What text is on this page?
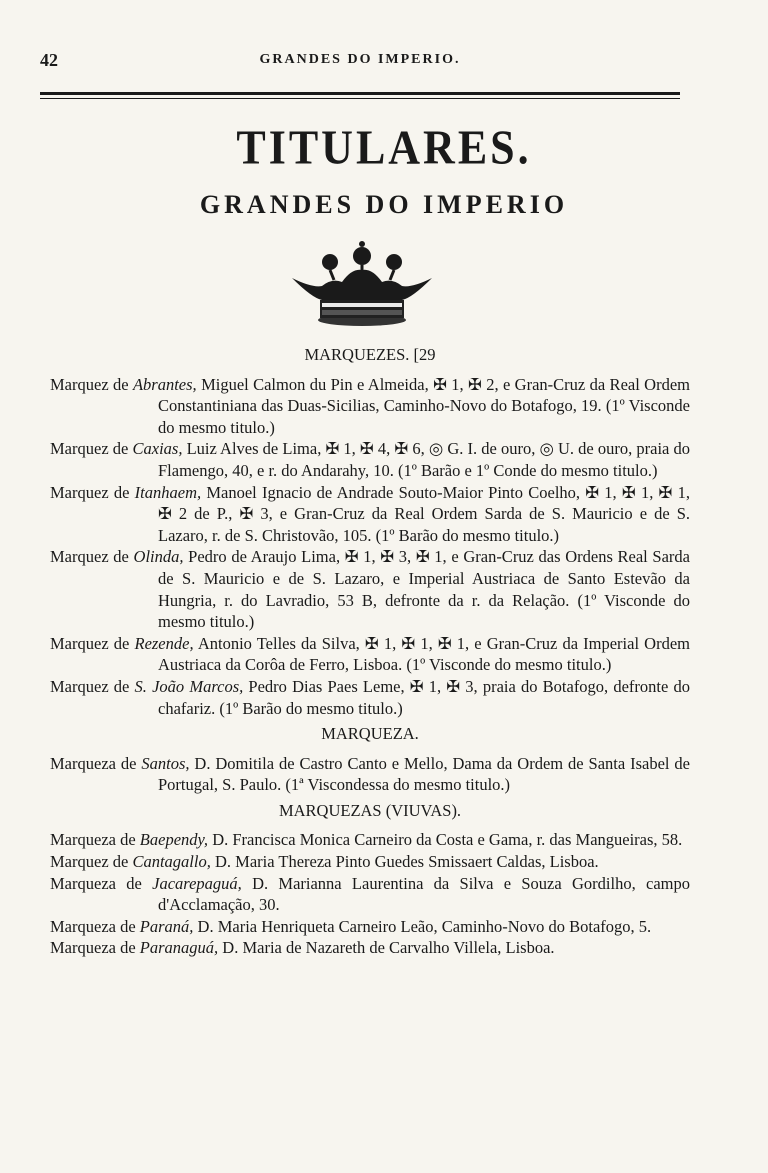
42	GRANDES DO IMPERIO.
TITULARES.
GRANDES DO IMPERIO
MARQUEZES. [29
Marquez de Abrantes, Miguel Calmon du Pin e Almeida, ✠ 1, ✠ 2, e Gran-Cruz da Real Ordem Constantiniana das Duas-Sicilias, Caminho-Novo do Botafogo, 19. (1º Visconde do mesmo titulo.)
Marquez de Caxias, Luiz Alves de Lima, ✠ 1, ✠ 4, ✠ 6, ◎ G. I. de ouro, ◎ U. de ouro, praia do Flamengo, 40, e r. do Andarahy, 10. (1º Barão e 1º Conde do mesmo titulo.)
Marquez de Itanhaem, Manoel Ignacio de Andrade Souto-Maior Pinto Coelho, ✠ 1, ✠ 1, ✠ 1, ✠ 2 de P., ✠ 3, e Gran-Cruz da Real Ordem Sarda de S. Mauricio e de S. Lazaro, r. de S. Christovão, 105. (1º Barão do mesmo titulo.)
Marquez de Olinda, Pedro de Araujo Lima, ✠ 1, ✠ 3, ✠ 1, e Gran-Cruz das Ordens Real Sarda de S. Mauricio e de S. Lazaro, e Imperial Austriaca de Santo Estevão da Hungria, r. do Lavradio, 53 B, defronte da r. da Relação. (1º Visconde do mesmo titulo.)
Marquez de Rezende, Antonio Telles da Silva, ✠ 1, ✠ 1, ✠ 1, e Gran-Cruz da Imperial Ordem Austriaca da Corôa de Ferro, Lisboa. (1º Visconde do mesmo titulo.)
Marquez de S. João Marcos, Pedro Dias Paes Leme, ✠ 1, ✠ 3, praia do Botafogo, defronte do chafariz. (1º Barão do mesmo titulo.)
MARQUEZA.
Marqueza de Santos, D. Domitila de Castro Canto e Mello, Dama da Ordem de Santa Isabel de Portugal, S. Paulo. (1ª Viscondessa do mesmo titulo.)
MARQUEZAS (VIUVAS).
Marqueza de Baependy, D. Francisca Monica Carneiro da Costa e Gama, r. das Mangueiras, 58.
Marquez de Cantagallo, D. Maria Thereza Pinto Guedes Smissaert Caldas, Lisboa.
Marqueza de Jacarepaguá, D. Marianna Laurentina da Silva e Souza Gordilho, campo d'Acclamação, 30.
Marqueza de Paraná, D. Maria Henriqueta Carneiro Leão, Caminho-Novo do Botafogo, 5.
Marqueza de Paranaguá, D. Maria de Nazareth de Carvalho Villela, Lisboa.
